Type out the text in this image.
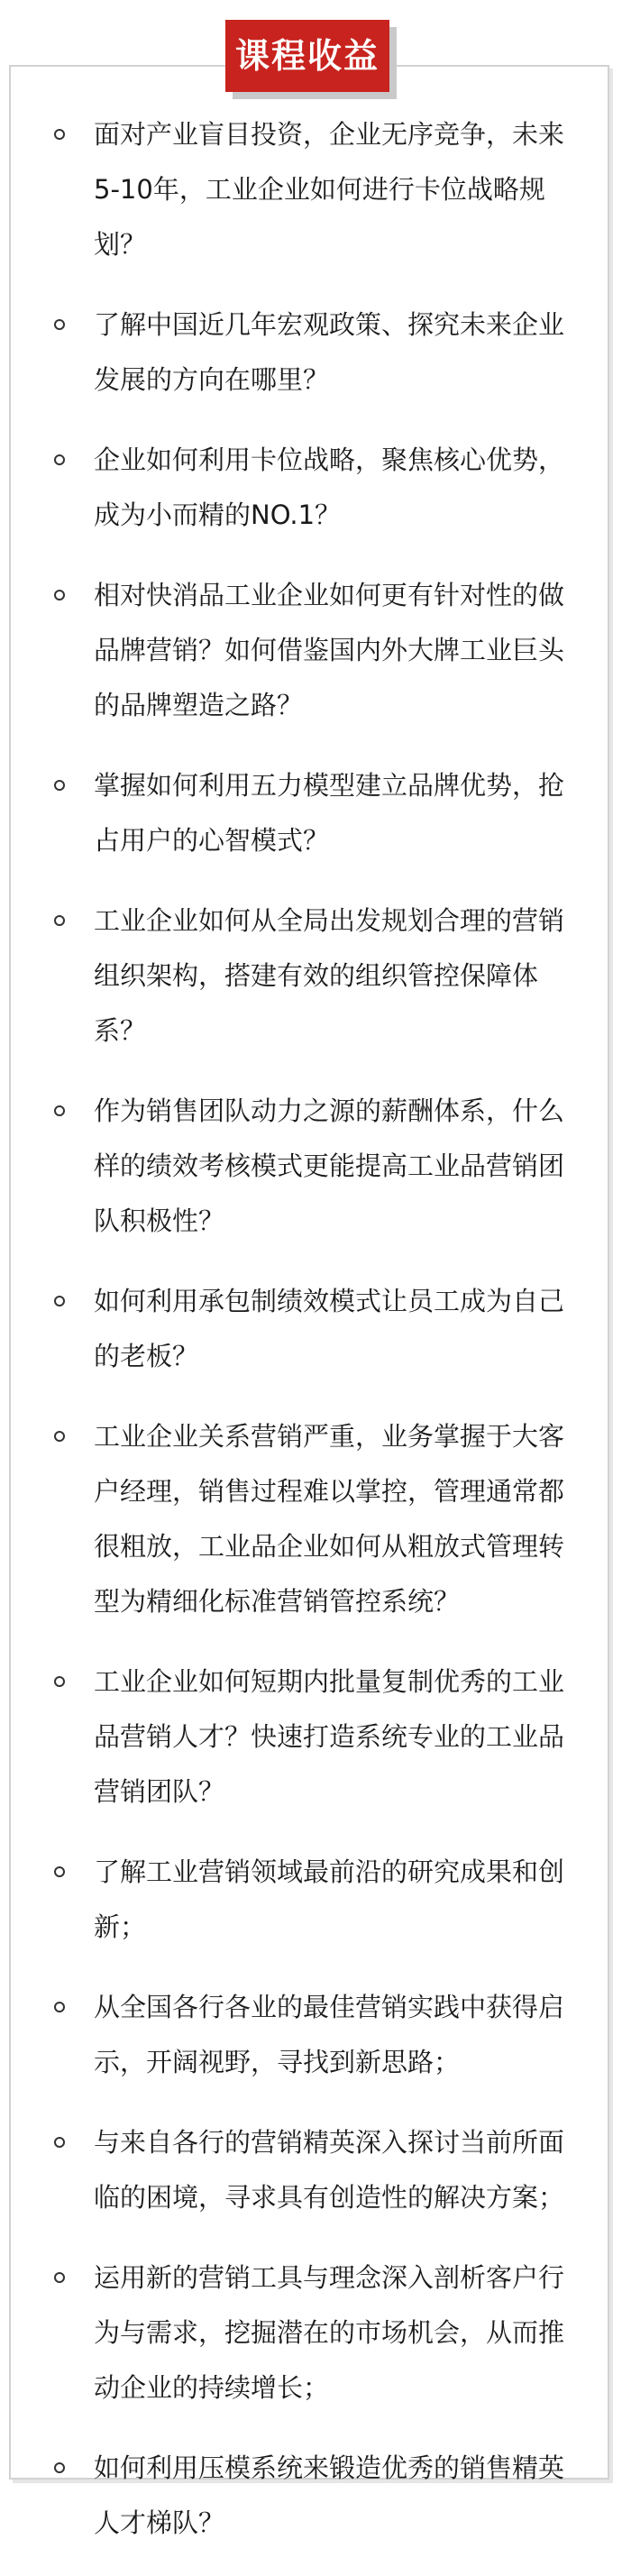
面对产业盲目投资，企业无序竞争，未来5-10年，工业企业如何进行卡位战略规划？
了解中国近几年宏观政策、探究未来企业发展的方向在哪里？
企业如何利用卡位战略，聚焦核心优势，成为小而精的NO.1？
相对快消品工业企业如何更有针对性的做品牌营销？如何借鉴国内外大牌工业巨头的品牌塑造之路？
掌握如何利用五力模型建立品牌优势，抢占用户的心智模式？
工业企业如何从全局出发规划合理的营销组织架构，搭建有效的组织管控保障体系？
作为销售团队动力之源的薪酬体系，什么样的绩效考核模式更能提高工业品营销团队积极性？
如何利用承包制绩效模式让员工成为自己的老板？
工业企业关系营销严重，业务掌握于大客户经理，销售过程难以掌控，管理通常都很粗放，工业品企业如何从粗放式管理转型为精细化标准营销管控系统？
工业企业如何短期内批量复制优秀的工业品营销人才？快速打造系统专业的工业品营销团队？
了解工业营销领域最前沿的研究成果和创新；
从全国各行各业的最佳营销实践中获得启示，开阔视野，寻找到新思路；
与来自各行的营销精英深入探讨当前所面临的困境，寻求具有创造性的解决方案；
运用新的营销工具与理念深入剖析客户行为与需求，挖掘潜在的市场机会，从而推动企业的持续增长；
如何利用压模系统来锻造优秀的销售精英人才梯队？
课程收益
